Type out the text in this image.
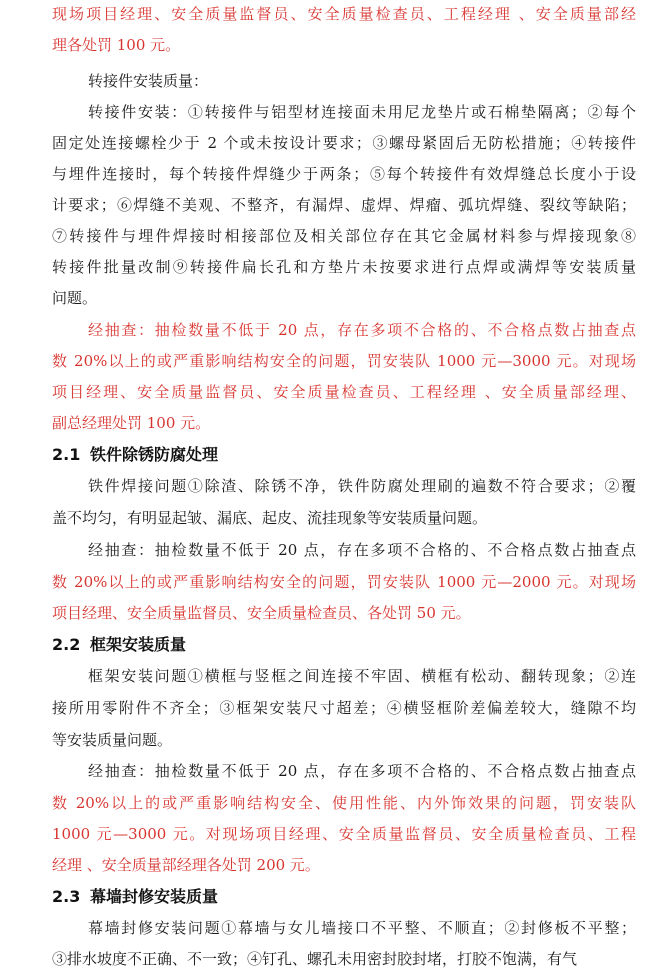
现场项目经理、安全质量监督员、安全质量检查员、工程经理 、安全质量部经
理各处罚 100 元。
转接件安装质量：
转接件安装：①转接件与铝型材连接面未用尼龙垫片或石棉垫隔离；②每个
固定处连接螺栓少于 2 个或未按设计要求；③螺母紧固后无防松措施；④转接件
与埋件连接时，每个转接件焊缝少于两条；⑤每个转接件有效焊缝总长度小于设
计要求；⑥焊缝不美观、不整齐，有漏焊、虚焊、焊瘤、弧坑焊缝、裂纹等缺陷；
⑦转接件与埋件焊接时相接部位及相关部位存在其它金属材料参与焊接现象⑧
转接件批量改制⑨转接件扁长孔和方垫片未按要求进行点焊或满焊等安装质量
问题。
经抽查：抽检数量不低于 20 点，存在多项不合格的、不合格点数占抽查点
数 20%以上的或严重影响结构安全的问题，罚安装队 1000 元—3000 元。对现场
项目经理、安全质量监督员、安全质量检查员、工程经理 、安全质量部经理、
副总经理处罚 100 元。
2.1 铁件除锈防腐处理
铁件焊接问题①除渣、除锈不净，铁件防腐处理刷的遍数不符合要求；②覆
盖不均匀，有明显起皱、漏底、起皮、流挂现象等安装质量问题。
经抽查：抽检数量不低于 20 点，存在多项不合格的、不合格点数占抽查点
数 20%以上的或严重影响结构安全的问题，罚安装队 1000 元—2000 元。对现场
项目经理、安全质量监督员、安全质量检查员、各处罚 50 元。
2.2 框架安装质量
框架安装问题①横框与竖框之间连接不牢固、横框有松动、翻转现象；②连
接所用零附件不齐全；③框架安装尺寸超差；④横竖框阶差偏差较大，缝隙不均
等安装质量问题。
经抽查：抽检数量不低于 20 点，存在多项不合格的、不合格点数占抽查点
数 20%以上的或严重影响结构安全、使用性能、内外饰效果的问题，罚安装队
1000 元—3000 元。对现场项目经理、安全质量监督员、安全质量检查员、工程
经理 、安全质量部经理各处罚 200 元。
2.3 幕墙封修安装质量
幕墙封修安装问题①幕墙与女儿墙接口不平整、不顺直；②封修板不平整；
③排水坡度不正确、不一致；④钉孔、螺孔未用密封胶封堵，打胶不饱满，有气
